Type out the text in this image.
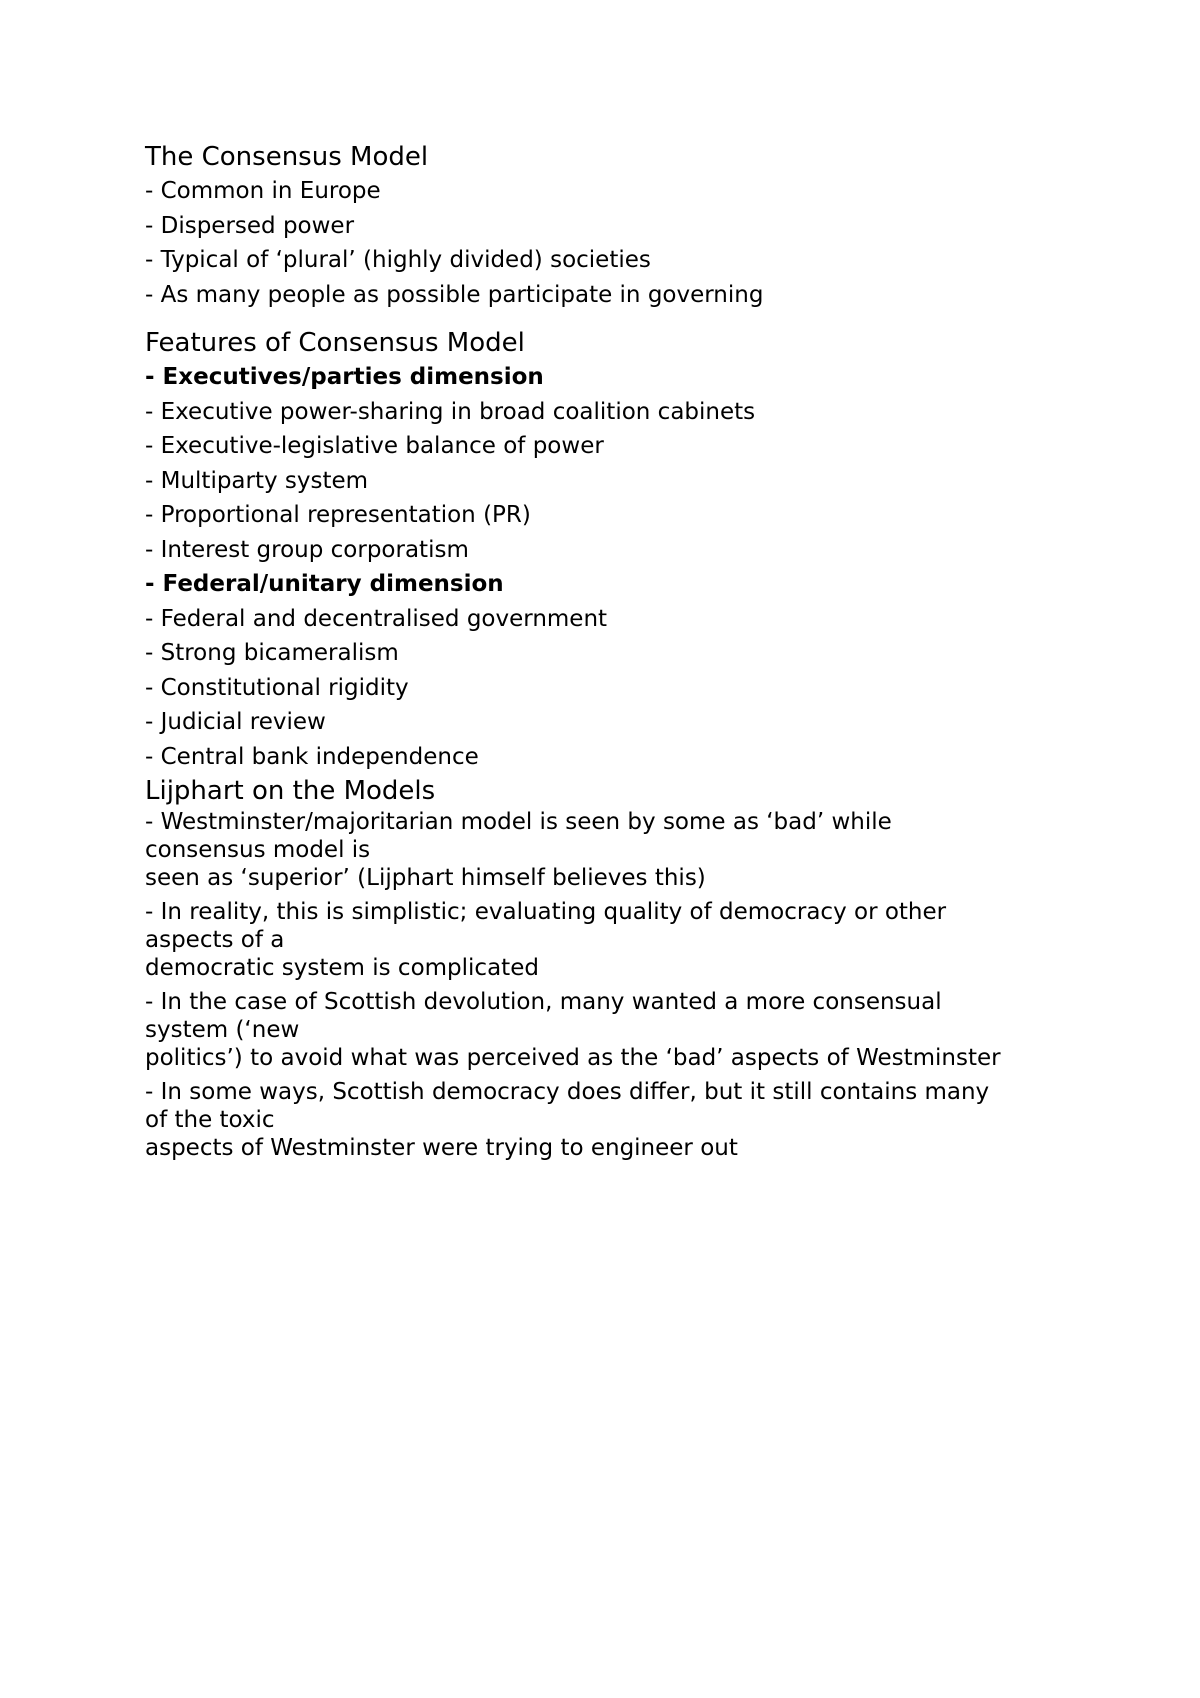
The Consensus Model

- Common in Europe

- Dispersed power

- Typical of ‘plural’ (highly divided) societies

- As many people as possible participate in governing

Features of Consensus Model

- Executives/parties dimension

- Executive power-sharing in broad coalition cabinets

- Executive-legislative balance of power

- Multiparty system

- Proportional representation (PR)

- Interest group corporatism

- Federal/unitary dimension

- Federal and decentralised government

- Strong bicameralism

- Constitutional rigidity

- Judicial review

- Central bank independence

Lijphart on the Models

- Westminster/majoritarian model is seen by some as ‘bad’ while

consensus model is

seen as ‘superior’ (Lijphart himself believes this)

- In reality, this is simplistic; evaluating quality of democracy or other

aspects of a

democratic system is complicated

- In the case of Scottish devolution, many wanted a more consensual

system (‘new

politics’) to avoid what was perceived as the ‘bad’ aspects of Westminster

- In some ways, Scottish democracy does differ, but it still contains many

of the toxic

aspects of Westminster were trying to engineer out
